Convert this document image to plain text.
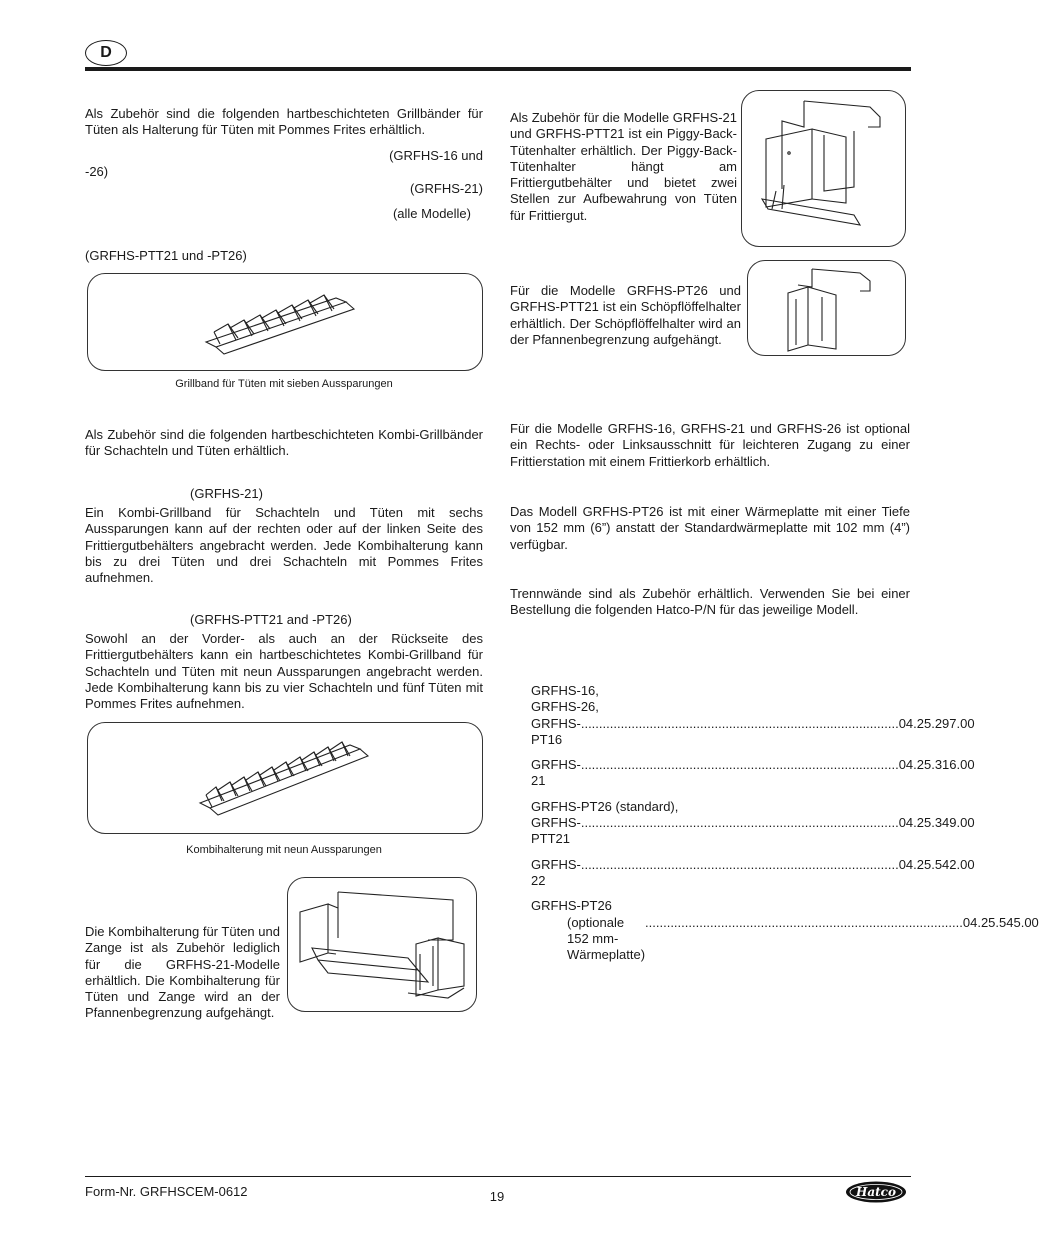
D
Als Zubehör sind die folgenden hartbeschichteten Grillbänder für Tüten als Halterung für Tüten mit Pommes Frites erhältlich.
(GRFHS-16 und
-26)
(GRFHS-21)
(alle Modelle)
(GRFHS-PTT21 und -PT26)
Grillband für Tüten mit sieben Aussparungen
Als Zubehör sind die folgenden hartbeschichteten Kombi-Grillbänder für Schachteln und Tüten erhältlich.
(GRFHS-21)
Ein Kombi-Grillband für Schachteln und Tüten mit sechs Aussparungen kann auf der rechten oder auf der linken Seite des Frittiergutbehälters angebracht werden. Jede Kombihalterung kann bis zu drei Tüten und drei Schachteln mit Pommes Frites aufnehmen.
(GRFHS-PTT21 and -PT26)
Sowohl an der Vorder- als auch an der Rückseite des Frittiergutbehälters kann ein hartbeschichtetes Kombi-Grillband für Schachteln und Tüten mit neun Aussparungen angebracht werden. Jede Kombihalterung kann bis zu vier Schachteln und fünf Tüten mit Pommes Frites aufnehmen.
Kombihalterung mit neun Aussparungen
Die Kombihalterung für Tüten und Zange ist als Zubehör lediglich für die GRFHS-21-Modelle erhältlich. Die Kombihalterung für Tüten und Zange wird an der Pfannenbegrenzung aufgehängt.
Als Zubehör für die Modelle GRFHS-21 und GRFHS-PTT21 ist ein Piggy-Back-Tütenhalter erhältlich. Der Piggy-Back-Tütenhalter hängt am Frittiergutbehälter und bietet zwei Stellen zur Aufbewahrung von Tüten für Frittiergut.
Für die Modelle GRFHS-PT26 und GRFHS-PTT21 ist ein Schöpflöffelhalter erhältlich. Der Schöpflöffelhalter wird an der Pfannenbegrenzung aufgehängt.
Für die Modelle GRFHS-16, GRFHS-21 und GRFHS-26 ist optional ein Rechts- oder Linksausschnitt für leichteren Zugang zu einer Frittierstation mit einem Frittierkorb erhältlich.
Das Modell GRFHS-PT26 ist mit einer Wärmeplatte mit einer Tiefe von 152 mm (6”) anstatt der Standardwärmeplatte mit 102 mm (4”) verfügbar.
Trennwände sind als Zubehör erhältlich. Verwenden Sie bei einer Bestellung die folgenden Hatco-P/N für das jeweilige Modell.
GRFHS-16,
GRFHS-26,
GRFHS-PT16
........................................................................................ 04.25.297.00
GRFHS-21
........................................................................................ 04.25.316.00
GRFHS-PT26 (standard),
GRFHS-PTT21
........................................................................................ 04.25.349.00
GRFHS-22
........................................................................................ 04.25.542.00
GRFHS-PT26
(optionale 152 mm-Wärmeplatte)
........................................................................................ 04.25.545.00
Form-Nr. GRFHSCEM-0612	19	Hatco
